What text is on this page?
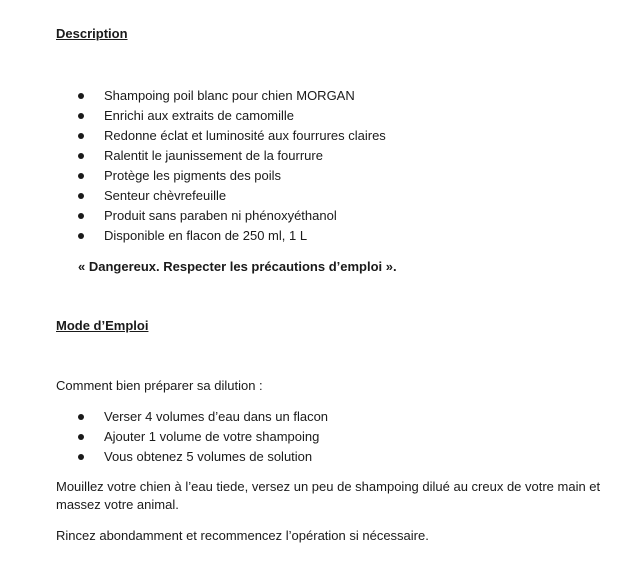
Description
Shampoing poil blanc pour chien MORGAN
Enrichi aux extraits de camomille
Redonne éclat et luminosité aux fourrures claires
Ralentit le jaunissement de la fourrure
Protège les pigments des poils
Senteur chèvrefeuille
Produit sans paraben ni phénoxyéthanol
Disponible en flacon de 250 ml, 1 L
« Dangereux. Respecter les précautions d’emploi ».
Mode d’Emploi
Comment bien préparer sa dilution :
Verser 4 volumes d’eau dans un flacon
Ajouter 1 volume de votre shampoing
Vous obtenez 5 volumes de solution
Mouillez votre chien à l’eau tiede, versez un peu de shampoing dilué au creux de votre main et
massez votre animal.
Rincez abondamment et recommencez l’opération si nécessaire.
